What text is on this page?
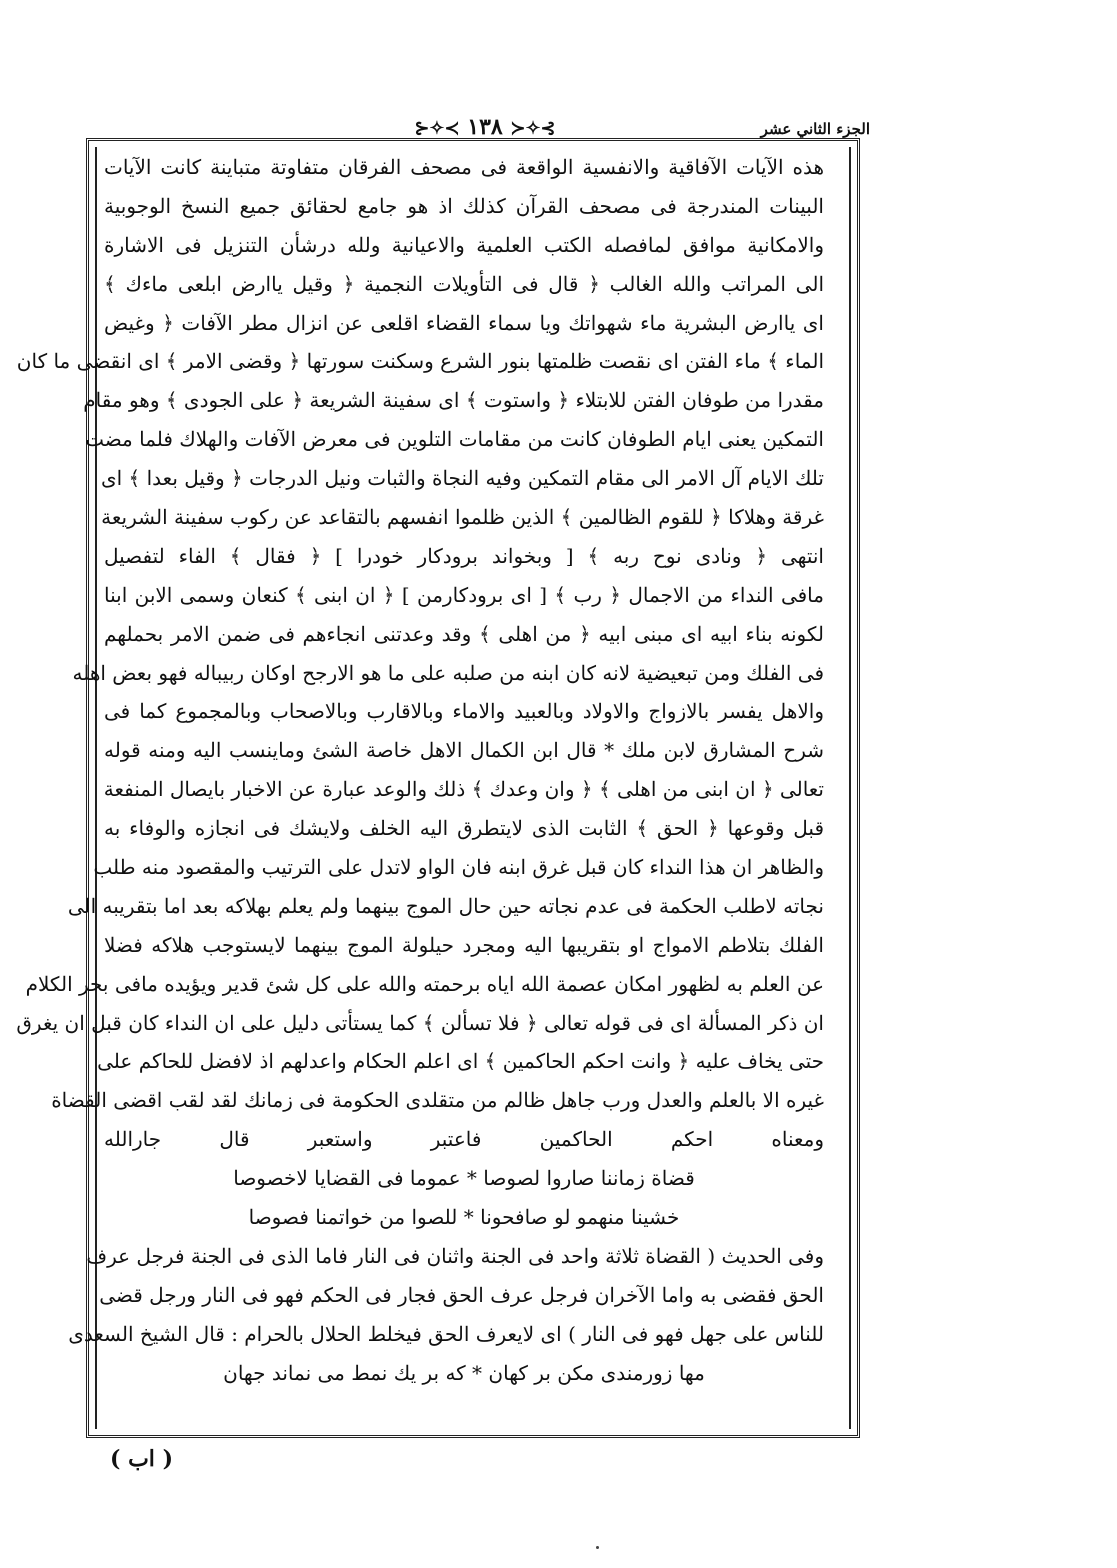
⊱✧≺ ١٣٨ ≻✧⊰	الجزء الثاني عشر
هذه الآيات الآفاقية والانفسية الواقعة فى مصحف الفرقان متفاوتة متباينة كانت الآيات
البينات المندرجة فى مصحف القرآن كذلك اذ هو جامع لحقائق جميع النسخ الوجوبية
والامكانية موافق لمافصله الكتب العلمية والاعيانية ولله درشأن التنزيل فى الاشارة
الى المراتب والله الغالب ﴿ قال فى التأويلات النجمية ﴿ وقيل ياارض ابلعى ماءك ﴾
اى ياارض البشرية ماء شهواتك ويا سماء القضاء اقلعى عن انزال مطر الآفات ﴿ وغيض
الماء ﴾ ماء الفتن اى نقصت ظلمتها بنور الشرع وسكنت سورتها ﴿ وقضى الامر ﴾ اى انقضى ما كان
مقدرا من طوفان الفتن للابتلاء ﴿ واستوت ﴾ اى سفينة الشريعة ﴿ على الجودى ﴾ وهو مقام
التمكين يعنى ايام الطوفان كانت من مقامات التلوين فى معرض الآفات والهلاك فلما مضت
تلك الايام آل الامر الى مقام التمكين وفيه النجاة والثبات ونيل الدرجات ﴿ وقيل بعدا ﴾ اى
غرقة وهلاكا ﴿ للقوم الظالمين ﴾ الذين ظلموا انفسهم بالتقاعد عن ركوب سفينة الشريعة
انتهى ﴿ ونادى نوح ربه ﴾ [ وبخواند برودكار خودرا ] ﴿ فقال ﴾ الفاء لتفصيل
مافى النداء من الاجمال ﴿ رب ﴾ [ اى برودكارمن ] ﴿ ان ابنى ﴾ كنعان وسمى الابن ابنا
لكونه بناء ابيه اى مبنى ابيه ﴿ من اهلى ﴾ وقد وعدتنى انجاءهم فى ضمن الامر بحملهم
فى الفلك ومن تبعيضية لانه كان ابنه من صلبه على ما هو الارجح اوكان ربيباله فهو بعض اهله
والاهل يفسر بالازواج والاولاد وبالعبيد والاماء وبالاقارب وبالاصحاب وبالمجموع كما فى
شرح المشارق لابن ملك * قال ابن الكمال الاهل خاصة الشئ وماينسب اليه ومنه قوله
تعالى ﴿ ان ابنى من اهلى ﴾ ﴿ وان وعدك ﴾ ذلك والوعد عبارة عن الاخبار بايصال المنفعة
قبل وقوعها ﴿ الحق ﴾ الثابت الذى لايتطرق اليه الخلف ولايشك فى انجازه والوفاء به
والظاهر ان هذا النداء كان قبل غرق ابنه فان الواو لاتدل على الترتيب والمقصود منه طلب
نجاته لاطلب الحكمة فى عدم نجاته حين حال الموج بينهما ولم يعلم بهلاكه بعد اما بتقريبه الى
الفلك بتلاطم الامواج او بتقريبها اليه ومجرد حيلولة الموج بينهما لايستوجب هلاكه فضلا
عن العلم به لظهور امكان عصمة الله اياه برحمته والله على كل شئ قدير ويؤيده مافى بحر الكلام
ان ذكر المسألة اى فى قوله تعالى ﴿ فلا تسألن ﴾ كما يستأتى دليل على ان النداء كان قبل ان يغرق
حتى يخاف عليه ﴿ وانت احكم الحاكمين ﴾ اى اعلم الحكام واعدلهم اذ لافضل للحاكم على
غيره الا بالعلم والعدل ورب جاهل ظالم من متقلدى الحكومة فى زمانك لقد لقب اقضى القضاة
ومعناه احكم الحاكمين فاعتبر واستعبر قال جارالله
قضاة زماننا صاروا لصوصا * عموما فى القضايا لاخصوصا
خشينا منهمو لو صافحونا * للصوا من خواتمنا فصوصا
وفى الحديث ( القضاة ثلاثة واحد فى الجنة واثنان فى النار فاما الذى فى الجنة فرجل عرف
الحق فقضى به واما الآخران فرجل عرف الحق فجار فى الحكم فهو فى النار ورجل قضى
للناس على جهل فهو فى النار ) اى لايعرف الحق فيخلط الحلال بالحرام : قال الشيخ السعدى
مها زورمندى مكن بر كهان * كه بر يك نمط مى نماند جهان
( اب )
